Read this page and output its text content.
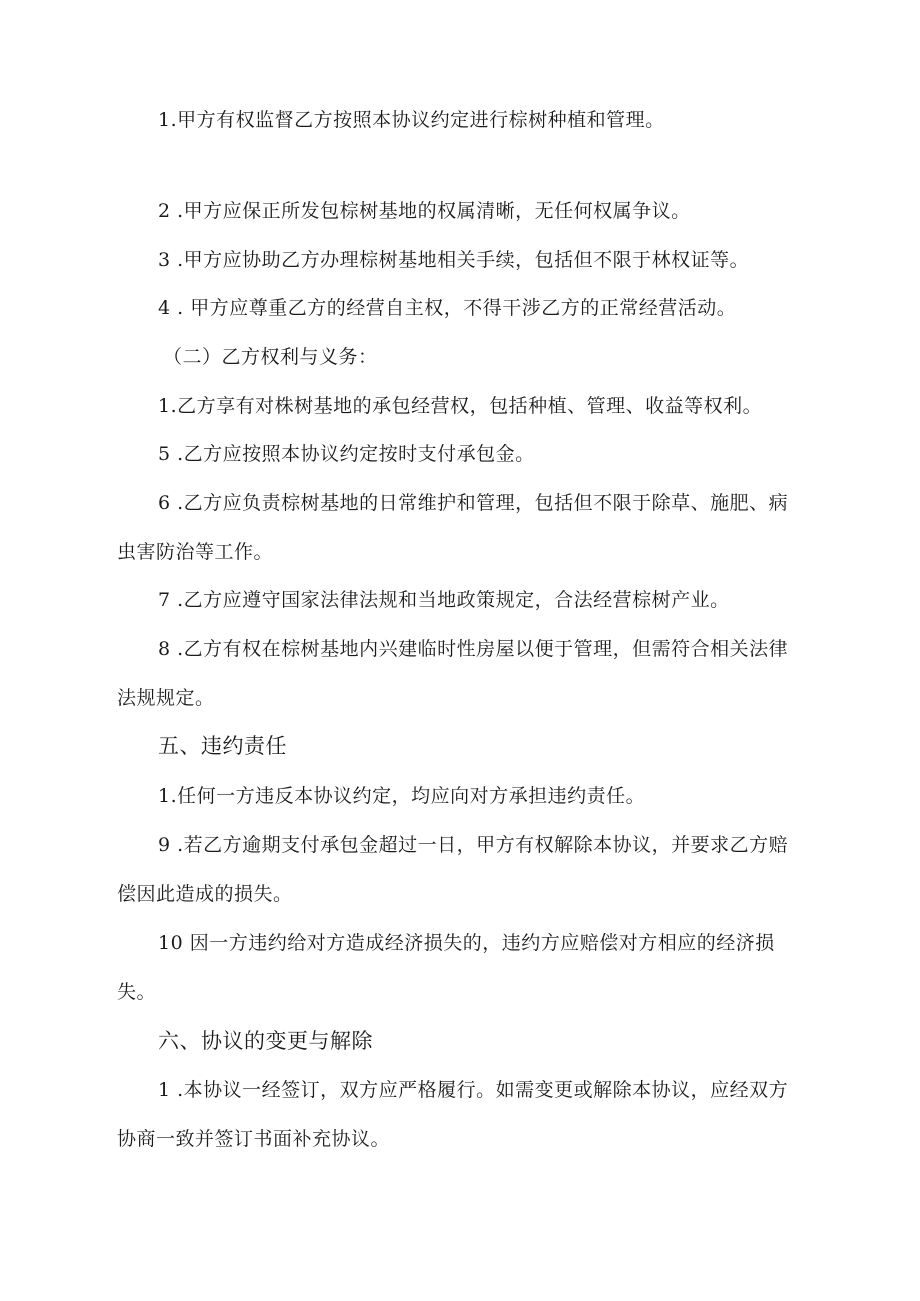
1.甲方有权监督乙方按照本协议约定进行棕树种植和管理。
2 .甲方应保正所发包棕树基地的权属清晰，无任何权属争议。
3 .甲方应协助乙方办理棕树基地相关手续，包括但不限于林权证等。
4 . 甲方应尊重乙方的经营自主权，不得干涉乙方的正常经营活动。
（二）乙方权利与义务：
1.乙方享有对株树基地的承包经营权，包括种植、管理、收益等权利。
5 .乙方应按照本协议约定按时支付承包金。
6 .乙方应负责棕树基地的日常维护和管理，包括但不限于除草、施肥、病
虫害防治等工作。
7 .乙方应遵守国家法律法规和当地政策规定，合法经营棕树产业。
8 .乙方有权在棕树基地内兴建临时性房屋以便于管理，但需符合相关法律
法规规定。
五、违约责任
1.任何一方违反本协议约定，均应向对方承担违约责任。
9 .若乙方逾期支付承包金超过一日，甲方有权解除本协议，并要求乙方赔
偿因此造成的损失。
10 因一方违约给对方造成经济损失的，违约方应赔偿对方相应的经济损
失。
六、协议的变更与解除
1 .本协议一经签订，双方应严格履行。如需变更或解除本协议，应经双方
协商一致并签订书面补充协议。
